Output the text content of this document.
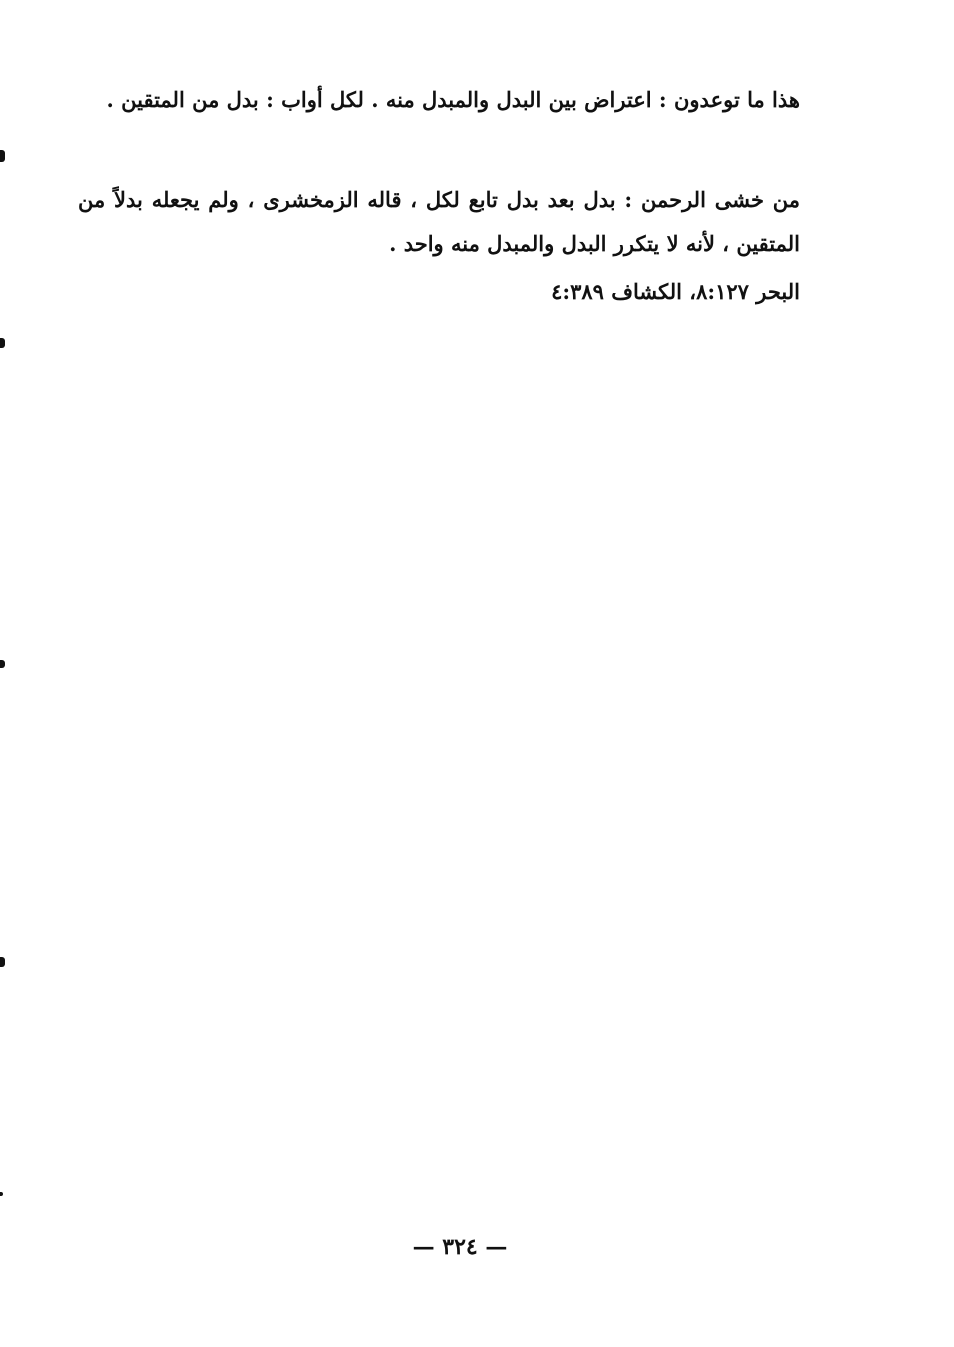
هذا ما توعدون : اعتراض بين البدل والمبدل منه . لكل أواب : بدل من المتقين .

من خشى الرحمن : بدل بعد بدل تابع لكل ، قاله الزمخشرى ، ولم يجعله بدلاً من المتقين ، لأنه لا يتكرر البدل والمبدل منه واحد .

البحر ٨:١٢٧، الكشاف ٤:٣٨٩
— ٣٢٤ —
